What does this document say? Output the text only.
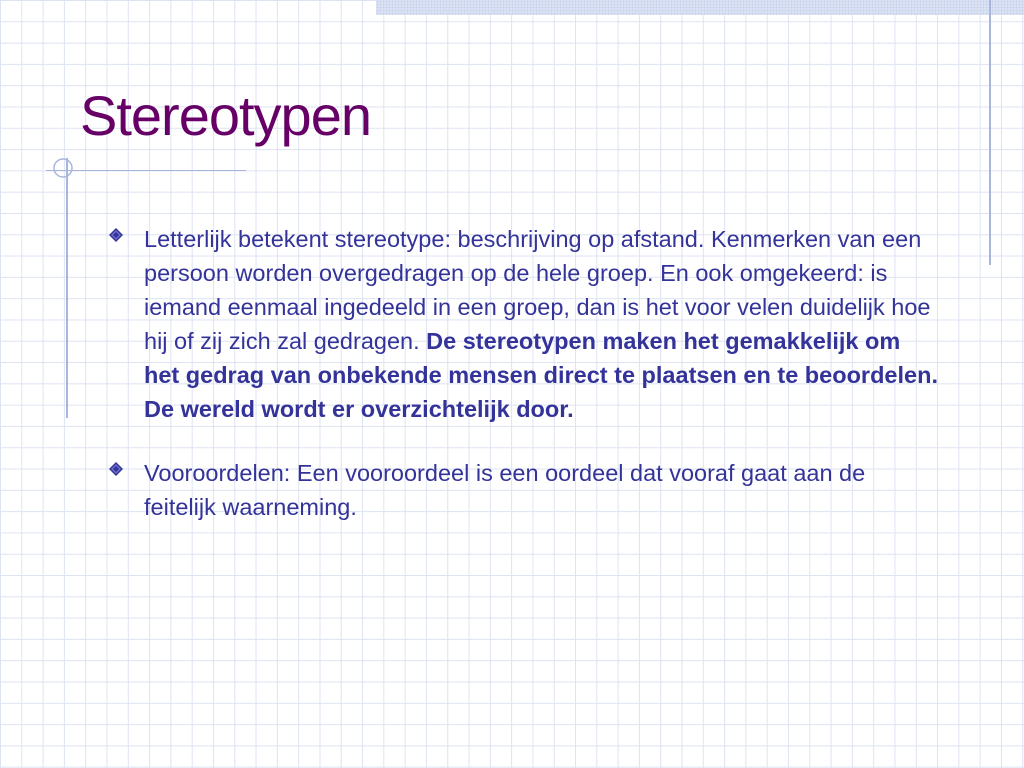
Stereotypen
Letterlijk betekent stereotype: beschrijving op afstand. Kenmerken van een persoon worden overgedragen op de hele groep. En ook omgekeerd: is iemand eenmaal ingedeeld in een groep, dan is het voor velen duidelijk hoe hij of zij zich zal gedragen. De stereotypen maken het gemakkelijk om het gedrag van onbekende mensen direct te plaatsen en te beoordelen. De wereld wordt er overzichtelijk door.
Vooroordelen: Een vooroordeel is een oordeel dat vooraf gaat aan de feitelijk waarneming.
